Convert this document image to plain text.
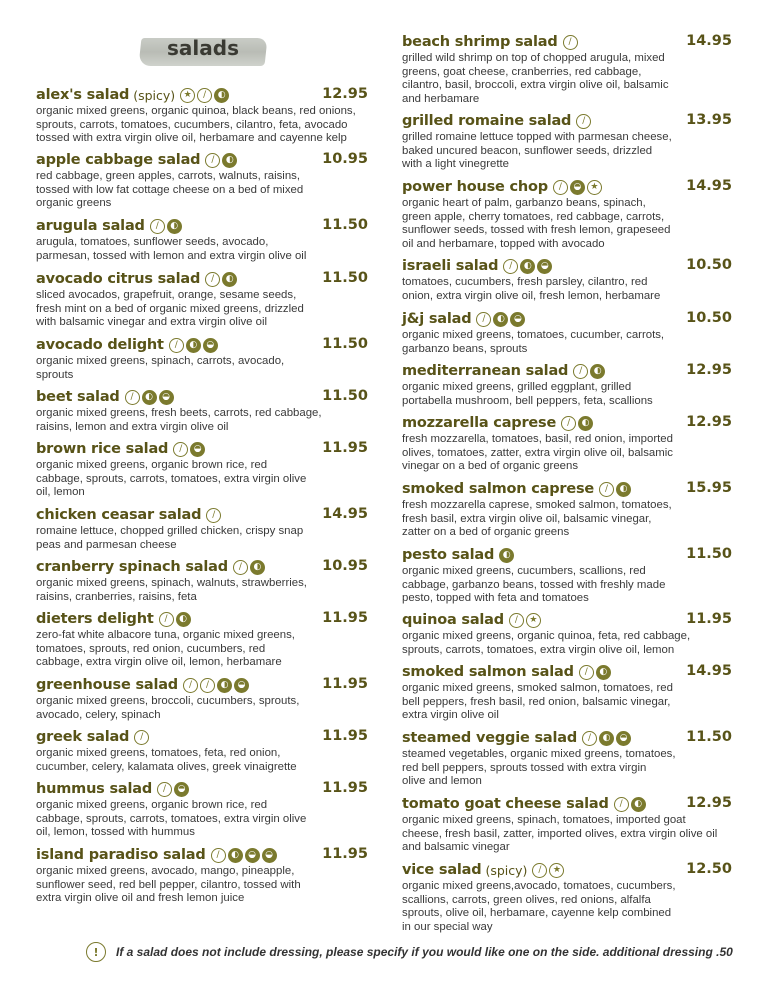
salads
alex's salad (spicy) ★	∕	◐	12.95
organic mixed greens, organic quinoa, black beans, red onions,
sprouts, carrots, tomatoes, cucumbers, cilantro, feta, avocado
tossed with extra virgin olive oil, herbamare and cayenne kelp
apple cabbage salad	∕	◐	10.95
red cabbage, green apples, carrots, walnuts, raisins,
tossed with low fat cottage cheese on a bed of mixed
organic greens
arugula salad	∕	◐	11.50
arugula, tomatoes, sunflower seeds, avocado,
parmesan, tossed with lemon and extra virgin olive oil
avocado citrus salad	∕	◐	11.50
sliced avocados, grapefruit, orange, sesame seeds,
fresh mint on a bed of organic mixed greens, drizzled
with balsamic vinegar and extra virgin olive oil
avocado delight	∕	◐	◒	11.50
organic mixed greens, spinach, carrots, avocado,
sprouts
beet salad	∕	◐	◒	11.50
organic mixed greens, fresh beets, carrots, red cabbage,
raisins, lemon and extra virgin olive oil
brown rice salad	∕	◒	11.95
organic mixed greens, organic brown rice, red
cabbage, sprouts, carrots, tomatoes, extra virgin olive
oil, lemon
chicken ceasar salad	∕	14.95
romaine lettuce, chopped grilled chicken, crispy snap
peas and parmesan cheese
cranberry spinach salad	∕	◐	10.95
organic mixed greens, spinach, walnuts, strawberries,
raisins, cranberries, raisins, feta
dieters delight	∕	◐	11.95
zero-fat white albacore tuna, organic mixed greens,
tomatoes, sprouts, red onion, cucumbers, red
cabbage, extra virgin olive oil, lemon, herbamare
greenhouse salad	∕	∕	◐	◒	11.95
organic mixed greens, broccoli, cucumbers, sprouts,
avocado, celery, spinach
greek salad	∕	11.95
organic mixed greens, tomatoes, feta, red onion,
cucumber, celery, kalamata olives, greek vinaigrette
hummus salad	∕	◒	11.95
organic mixed greens, organic brown rice, red
cabbage, sprouts, carrots, tomatoes, extra virgin olive
oil, lemon, tossed with hummus
island paradiso salad	∕	◐	◒	◒	11.95
organic mixed greens, avocado, mango, pineapple,
sunflower seed, red bell pepper, cilantro, tossed with
extra virgin olive oil and fresh lemon juice
beach shrimp salad	∕	14.95
grilled wild shrimp on top of chopped arugula, mixed
greens, goat cheese, cranberries, red cabbage,
cilantro, basil, broccoli, extra virgin olive oil, balsamic
and herbamare
grilled romaine salad	∕	13.95
grilled romaine lettuce topped with parmesan cheese,
baked uncured beacon, sunflower seeds, drizzled
with a light vinegrette
power house chop	∕	◒	★	14.95
organic heart of palm, garbanzo beans, spinach,
green apple, cherry tomatoes, red cabbage, carrots,
sunflower seeds, tossed with fresh lemon, grapeseed
oil and herbamare, topped with avocado
israeli salad	∕	◐	◒	10.50
tomatoes, cucumbers, fresh parsley, cilantro, red
onion, extra virgin olive oil, fresh lemon, herbamare
j&j salad	∕	◐	◒	10.50
organic mixed greens, tomatoes, cucumber, carrots,
garbanzo beans, sprouts
mediterranean salad	∕	◐	12.95
organic mixed greens, grilled eggplant, grilled
portabella mushroom, bell peppers, feta, scallions
mozzarella caprese	∕	◐	12.95
fresh mozzarella, tomatoes, basil, red onion, imported
olives, tomatoes, zatter, extra virgin olive oil, balsamic
vinegar on a bed of organic greens
smoked salmon caprese	∕	◐	15.95
fresh mozzarella caprese, smoked salmon, tomatoes,
fresh basil, extra virgin olive oil, balsamic vinegar,
zatter on a bed of organic greens
pesto salad ◐	11.50
organic mixed greens, cucumbers, scallions, red
cabbage, garbanzo beans, tossed with freshly made
pesto, topped with feta and tomatoes
quinoa salad	∕	★	11.95
organic mixed greens, organic quinoa, feta, red cabbage,
sprouts, carrots, tomatoes, extra virgin olive oil, lemon
smoked salmon salad	∕	◐	14.95
organic mixed greens, smoked salmon, tomatoes, red
bell peppers, fresh basil, red onion, balsamic vinegar,
extra virgin olive oil
steamed veggie salad	∕	◐	◒	11.50
steamed vegetables, organic mixed greens, tomatoes,
red bell peppers, sprouts tossed with extra virgin
olive and lemon
tomato goat cheese salad	∕	◐	12.95
organic mixed greens, spinach, tomatoes, imported goat
cheese, fresh basil, zatter, imported olives, extra virgin olive oil
and balsamic vinegar
vice salad (spicy)	∕	★	12.50
organic mixed greens,avocado, tomatoes, cucumbers,
scallions, carrots, green olives, red onions, alfalfa
sprouts, olive oil, herbamare, cayenne kelp combined
in our special way
!	If a salad does not include dressing, please specify if you would like one on the side. additional dressing .50
